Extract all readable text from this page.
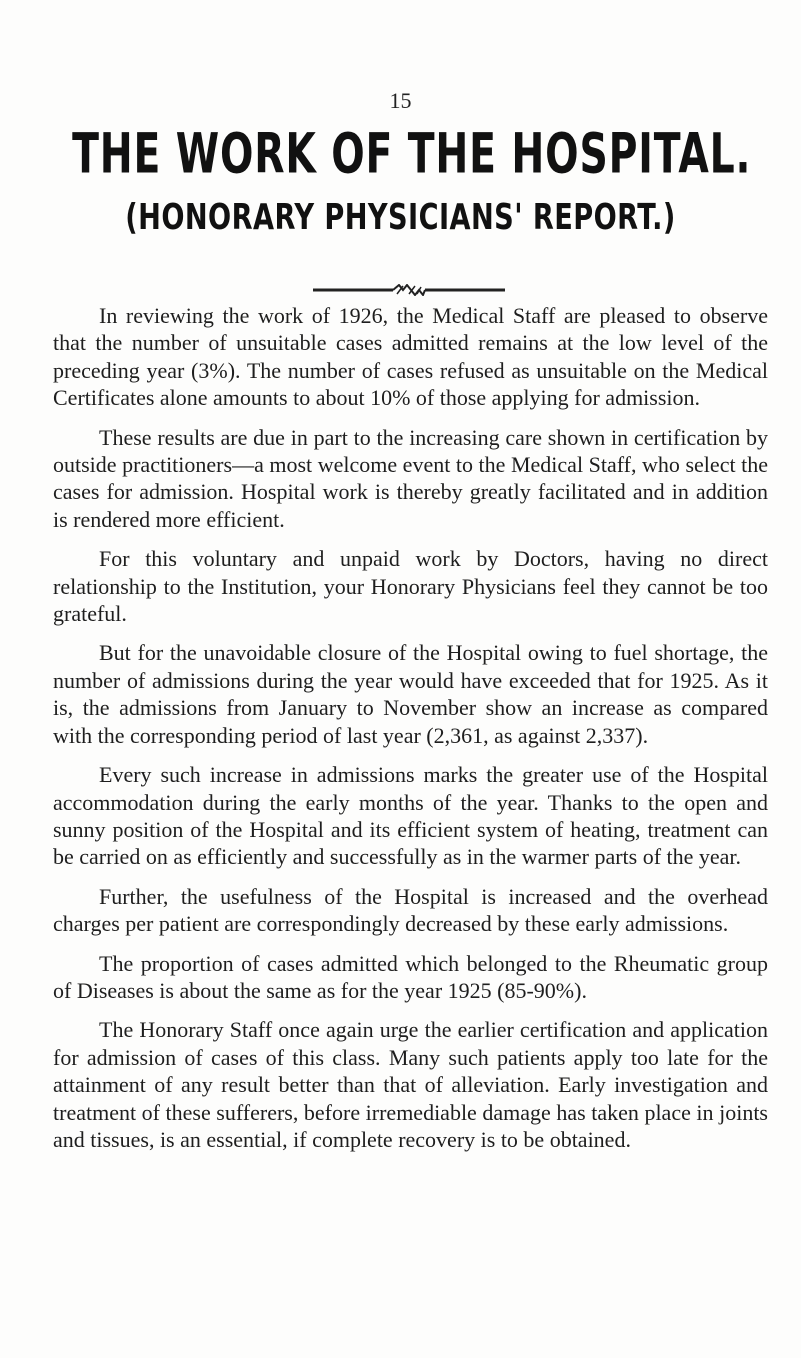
15
THE WORK OF THE HOSPITAL.
(HONORARY PHYSICIANS' REPORT.)

In reviewing the work of 1926, the Medical Staff are pleased to observe that the number of unsuitable cases admitted remains at the low level of the preceding year (3%). The number of cases refused as unsuitable on the Medical Certificates alone amounts to about 10% of those applying for admission.

These results are due in part to the increasing care shown in certification by outside practitioners—a most welcome event to the Medical Staff, who select the cases for admission. Hospital work is thereby greatly facilitated and in addition is rendered more efficient.

For this voluntary and unpaid work by Doctors, having no direct relationship to the Institution, your Honorary Physicians feel they cannot be too grateful.

But for the unavoidable closure of the Hospital owing to fuel shortage, the number of admissions during the year would have exceeded that for 1925. As it is, the admissions from January to November show an increase as compared with the corresponding period of last year (2,361, as against 2,337).

Every such increase in admissions marks the greater use of the Hospital accommodation during the early months of the year. Thanks to the open and sunny position of the Hospital and its efficient system of heating, treatment can be carried on as efficiently and successfully as in the warmer parts of the year.

Further, the usefulness of the Hospital is increased and the overhead charges per patient are correspondingly decreased by these early admissions.

The proportion of cases admitted which belonged to the Rheumatic group of Diseases is about the same as for the year 1925 (85-90%).

The Honorary Staff once again urge the earlier certification and application for admission of cases of this class. Many such patients apply too late for the attainment of any result better than that of alleviation. Early investigation and treatment of these sufferers, before irremediable damage has taken place in joints and tissues, is an essential, if complete recovery is to be obtained.
